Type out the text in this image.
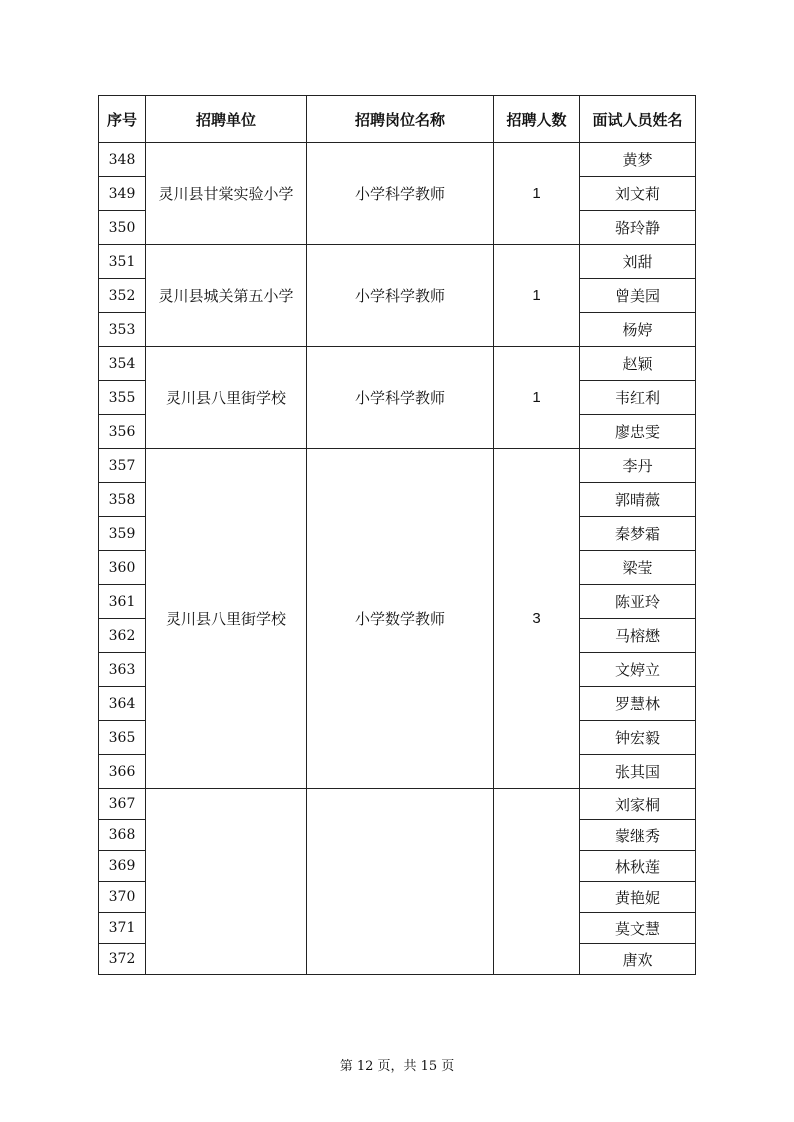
序号	招聘单位	招聘岗位名称	招聘人数	面试人员姓名
348	灵川县甘棠实验小学	小学科学教师	1	黄梦
349				刘文莉
350				骆玲静
351	灵川县城关第五小学	小学科学教师	1	刘甜
352				曾美园
353				杨婷
354	灵川县八里街学校	小学科学教师	1	赵颖
355				韦红利
356				廖忠雯
357	灵川县八里街学校	小学数学教师	3	李丹
358				郭晴薇
359				秦梦霜
360				梁莹
361				陈亚玲
362				马榕懋
363				文婷立
364				罗慧林
365				钟宏毅
366				张其国
367				刘家桐
368				蒙继秀
369				林秋莲
370				黄艳妮
371				莫文慧
372				唐欢
第 12 页，共 15 页
